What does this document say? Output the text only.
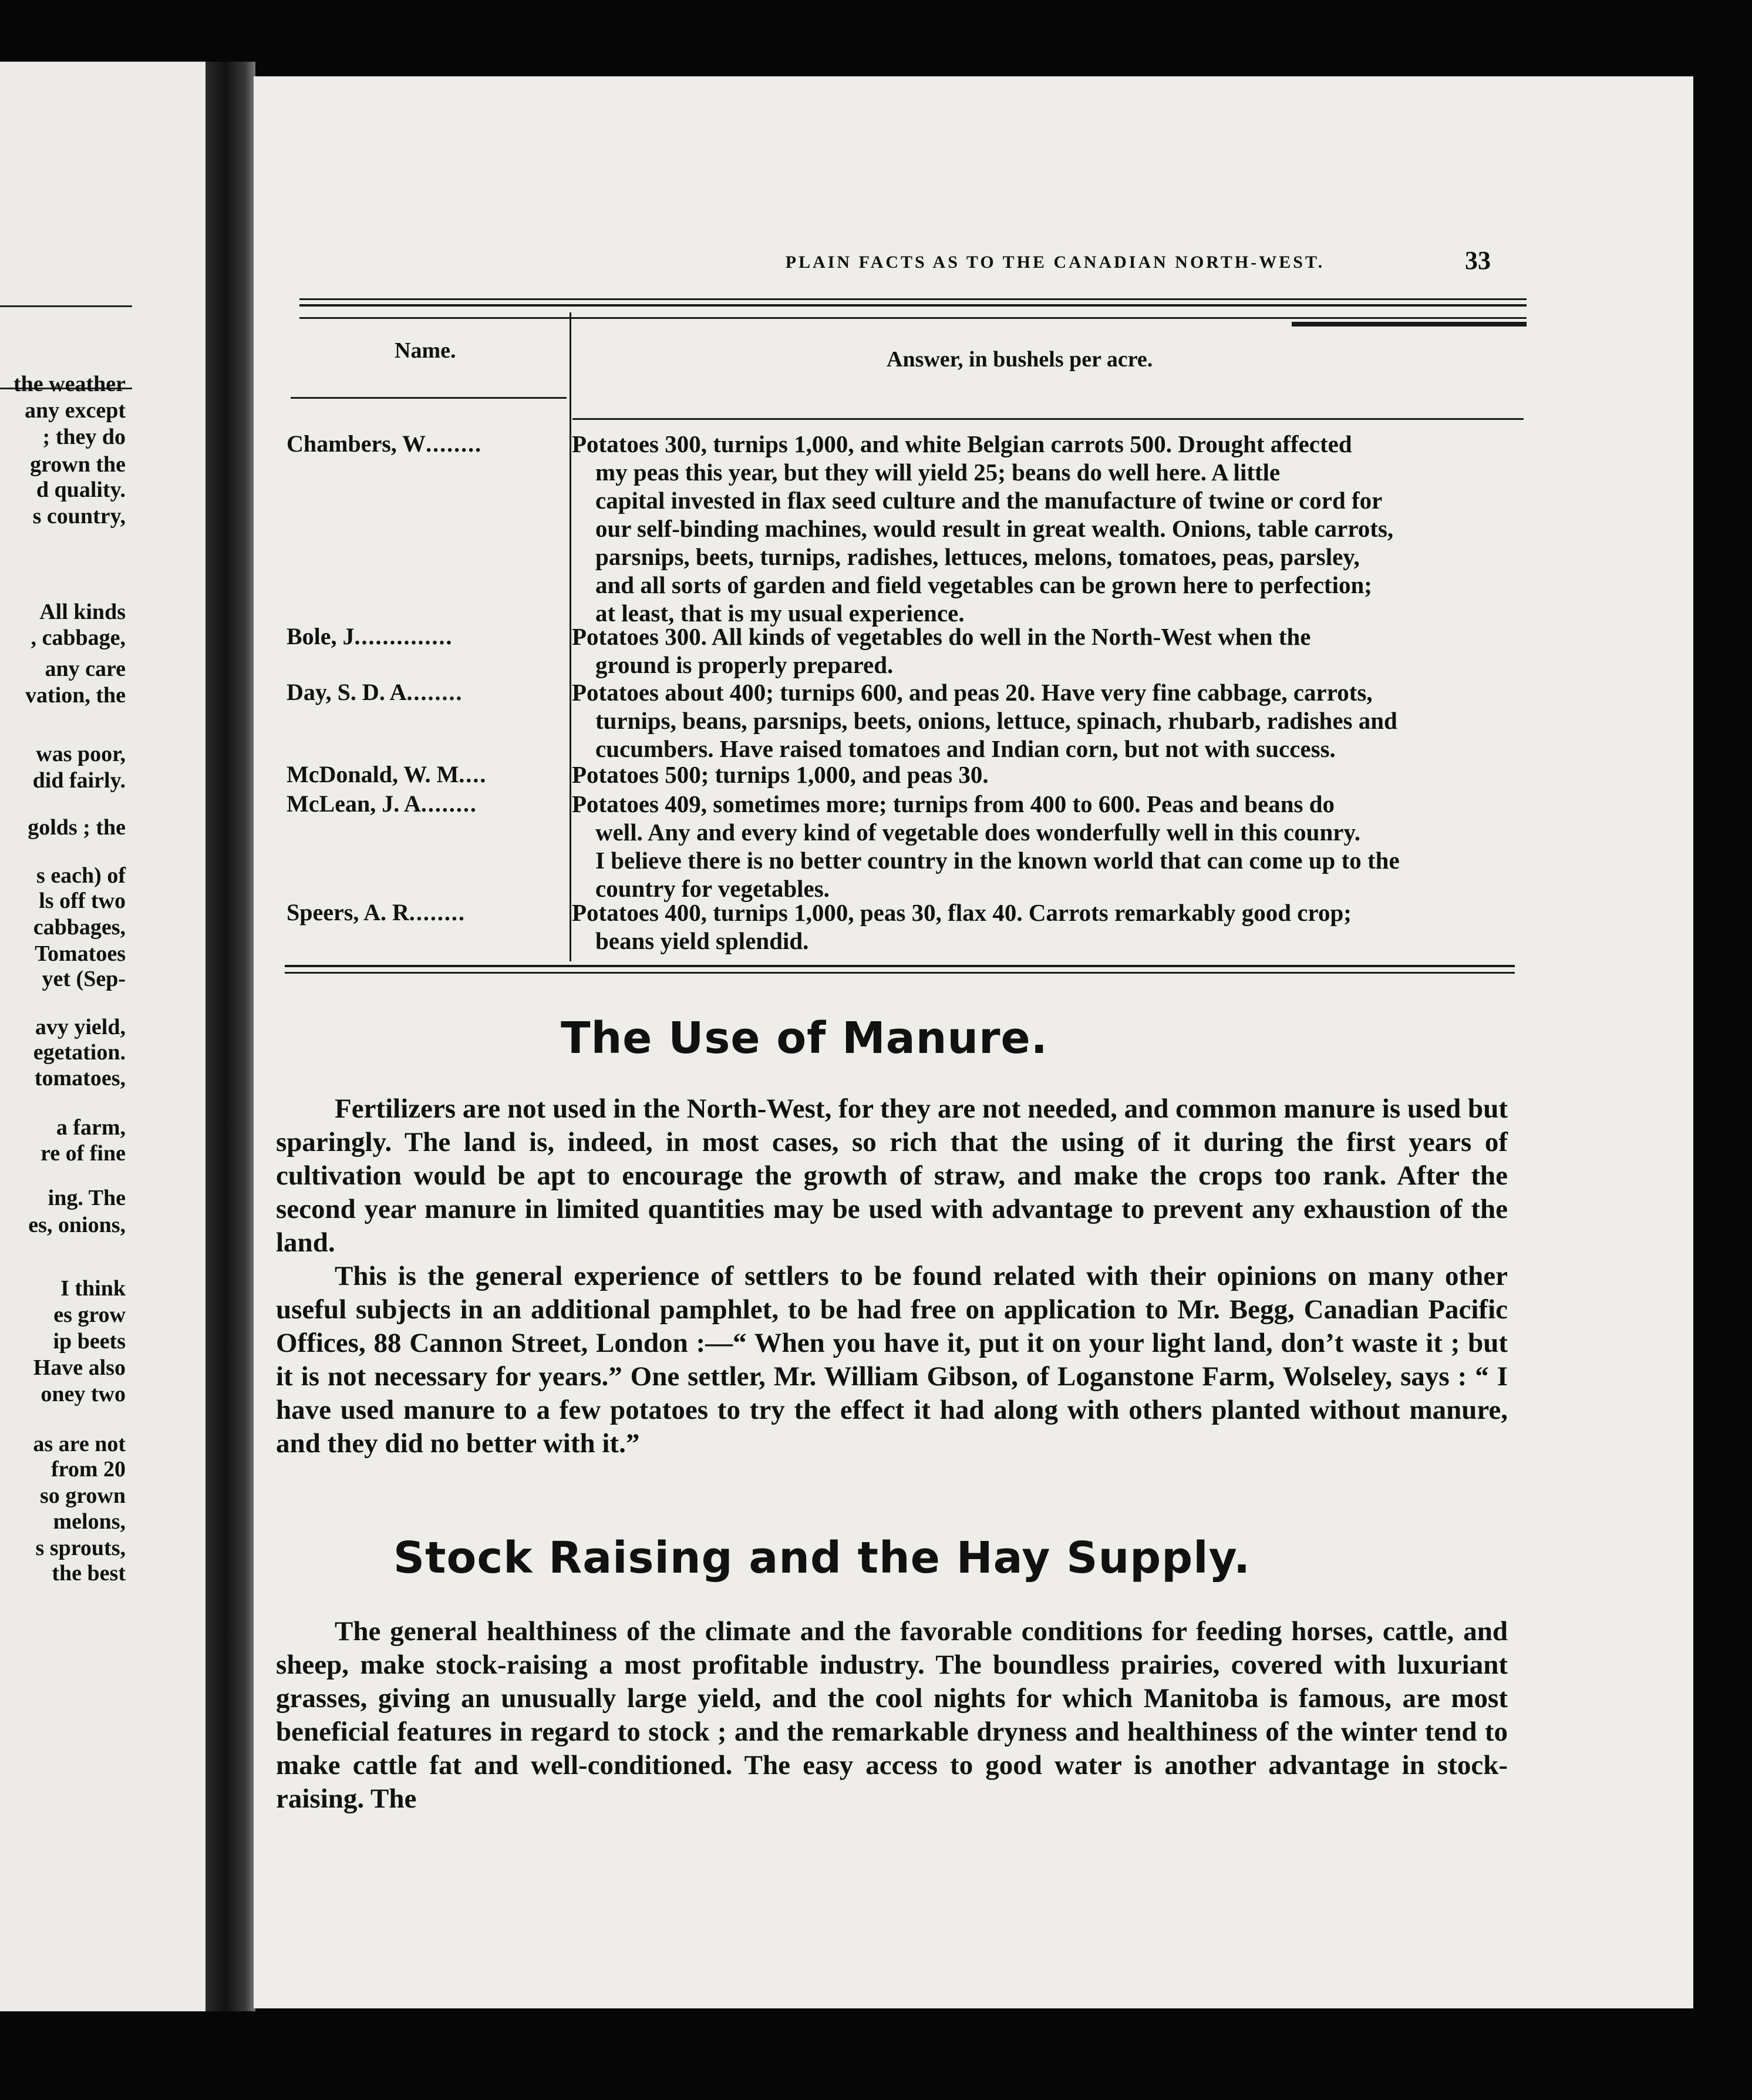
the weather
any except
; they do
grown the
d quality.
s country,
All kinds
, cabbage,
any care
vation, the
was poor,
did fairly.
golds ; the
s each) of
ls off two
cabbages,
Tomatoes
yet (Sep-
avy yield,
egetation.
tomatoes,
a farm,
re of fine
ing. The
es, onions,
I think
es grow
ip beets
Have also
oney two
as are not
from 20
so grown
melons,
s sprouts,
the best
PLAIN FACTS AS TO THE CANADIAN NORTH-WEST.	33
Name.	Answer, in bushels per acre.
Chambers, W........	Potatoes 300, turnips 1,000, and white Belgian carrots 500. Drought affected
my peas this year, but they will yield 25; beans do well here. A little
capital invested in flax seed culture and the manufacture of twine or cord for
our self-binding machines, would result in great wealth. Onions, table carrots,
parsnips, beets, turnips, radishes, lettuces, melons, tomatoes, peas, parsley,
and all sorts of garden and field vegetables can be grown here to perfection;
at least, that is my usual experience.
Bole, J..............	Potatoes 300. All kinds of vegetables do well in the North-West when the
ground is properly prepared.
Day, S. D. A........	Potatoes about 400; turnips 600, and peas 20. Have very fine cabbage, carrots,
turnips, beans, parsnips, beets, onions, lettuce, spinach, rhubarb, radishes and
cucumbers. Have raised tomatoes and Indian corn, but not with success.
McDonald, W. M....	Potatoes 500; turnips 1,000, and peas 30.
McLean, J. A........	Potatoes 409, sometimes more; turnips from 400 to 600. Peas and beans do
well. Any and every kind of vegetable does wonderfully well in this counry.
I believe there is no better country in the known world that can come up to the
country for vegetables.
Speers, A. R........	Potatoes 400, turnips 1,000, peas 30, flax 40. Carrots remarkably good crop;
beans yield splendid.
The Use of Manure.

Fertilizers are not used in the North-West, for they are not needed, and common manure is used but sparingly. The land is, indeed, in most cases, so rich that the using of it during the first years of cultivation would be apt to encourage the growth of straw, and make the crops too rank. After the second year manure in limited quantities may be used with advantage to prevent any exhaustion of the land.

This is the general experience of settlers to be found related with their opinions on many other useful subjects in an additional pamphlet, to be had free on application to Mr. Begg, Canadian Pacific Offices, 88 Cannon Street, London :—“ When you have it, put it on your light land, don’t waste it ; but it is not necessary for years.” One settler, Mr. William Gibson, of Loganstone Farm, Wolseley, says : “ I have used manure to a few potatoes to try the effect it had along with others planted without manure, and they did no better with it.”

Stock Raising and the Hay Supply.

The general healthiness of the climate and the favorable conditions for feeding horses, cattle, and sheep, make stock-raising a most profitable industry. The boundless prairies, covered with luxuriant grasses, giving an unusually large yield, and the cool nights for which Manitoba is famous, are most beneficial features in regard to stock ; and the remarkable dryness and healthiness of the winter tend to make cattle fat and well-conditioned. The easy access to good water is another advantage in stock-raising. The
